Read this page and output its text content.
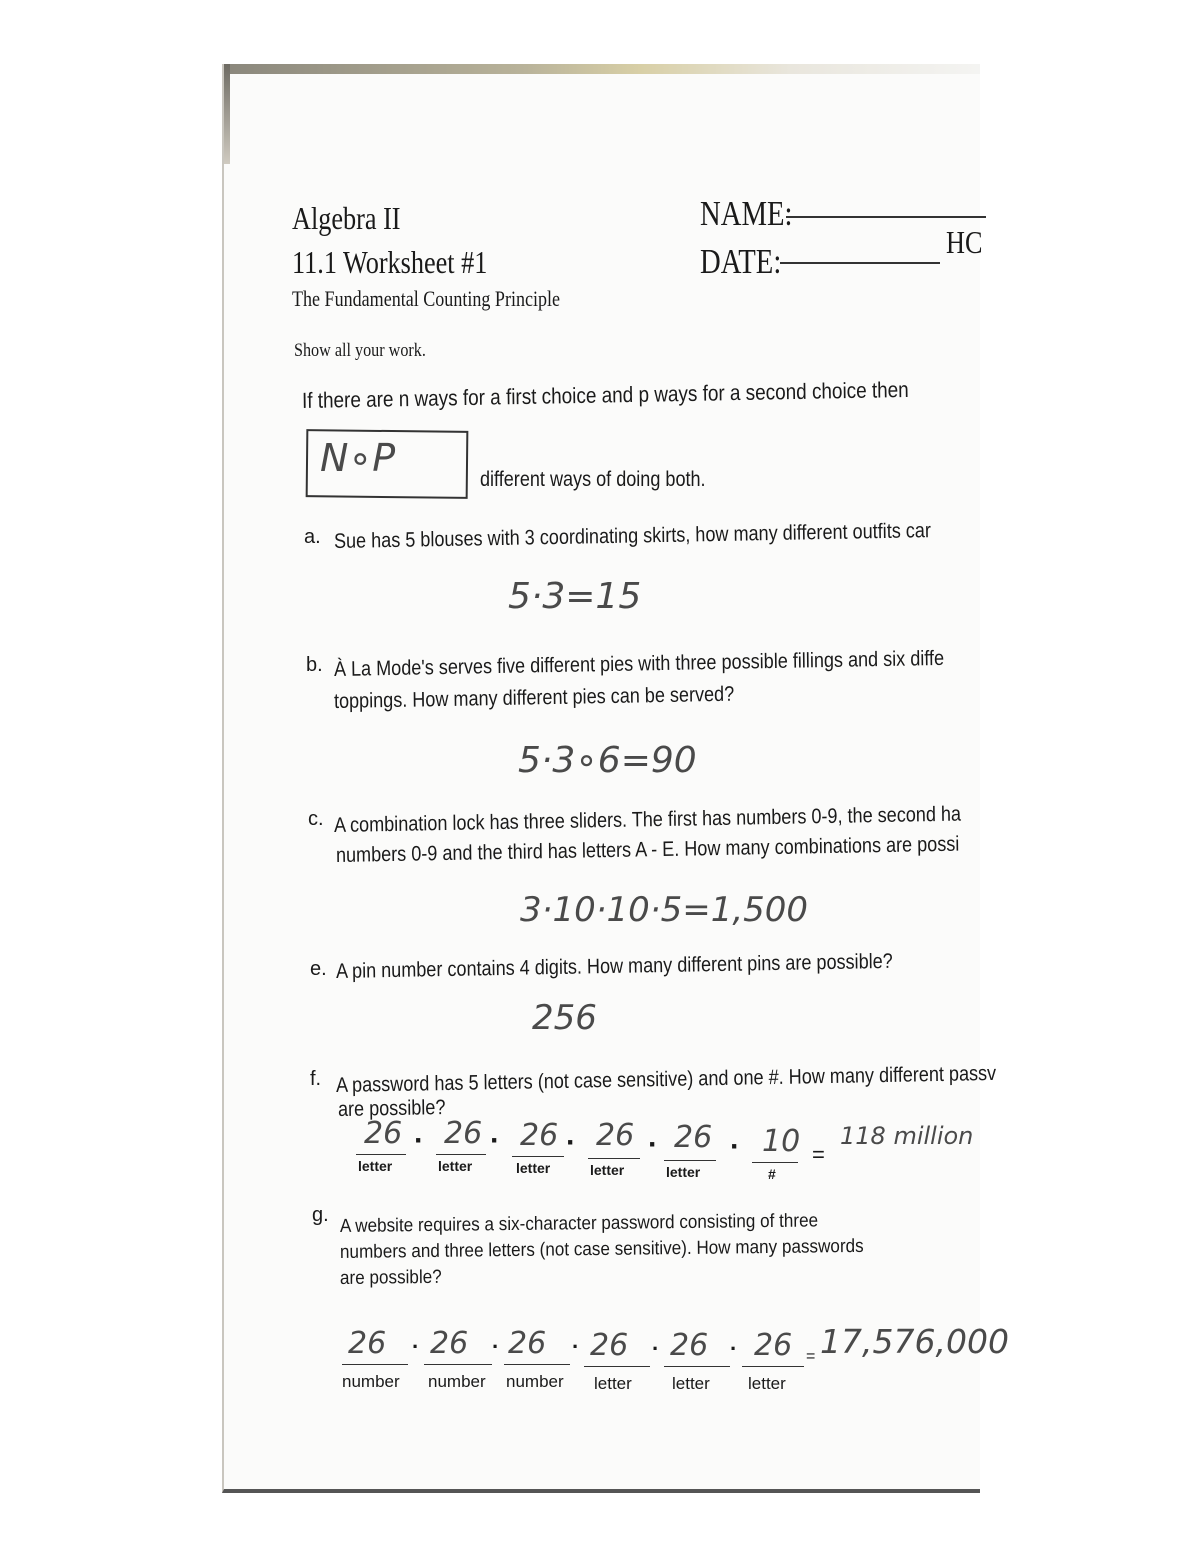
Algebra II
11.1 Worksheet #1
The Fundamental Counting Principle
NAME:
DATE:	HC
Show all your work.
If there are n ways for a first choice and p ways for a second choice then
N∘P	different ways of doing both.
a. Sue has 5 blouses with 3 coordinating skirts, how many different outfits car
5·3=15
b. À La Mode's serves five different pies with three possible fillings and six diffe
toppings. How many different pies can be served?
5·3∘6=90
c. A combination lock has three sliders. The first has numbers 0-9, the second ha
numbers 0-9 and the third has letters A - E. How many combinations are possi
3·10·10·5=1,500
e. A pin number contains 4 digits. How many different pins are possible?
256
f. A password has 5 letters (not case sensitive) and one #. How many different passv
are possible?
26
letter
· 26
letter
· 26
letter
· 26
letter
· 26
letter
· 10
#
=
118 million
g. A website requires a six-character password consisting of three
numbers and three letters (not case sensitive). How many passwords
are possible?
26
number
· 26
number
· 26
number
· 26
letter
· 26
letter
· 26
letter
= 17,576,000
